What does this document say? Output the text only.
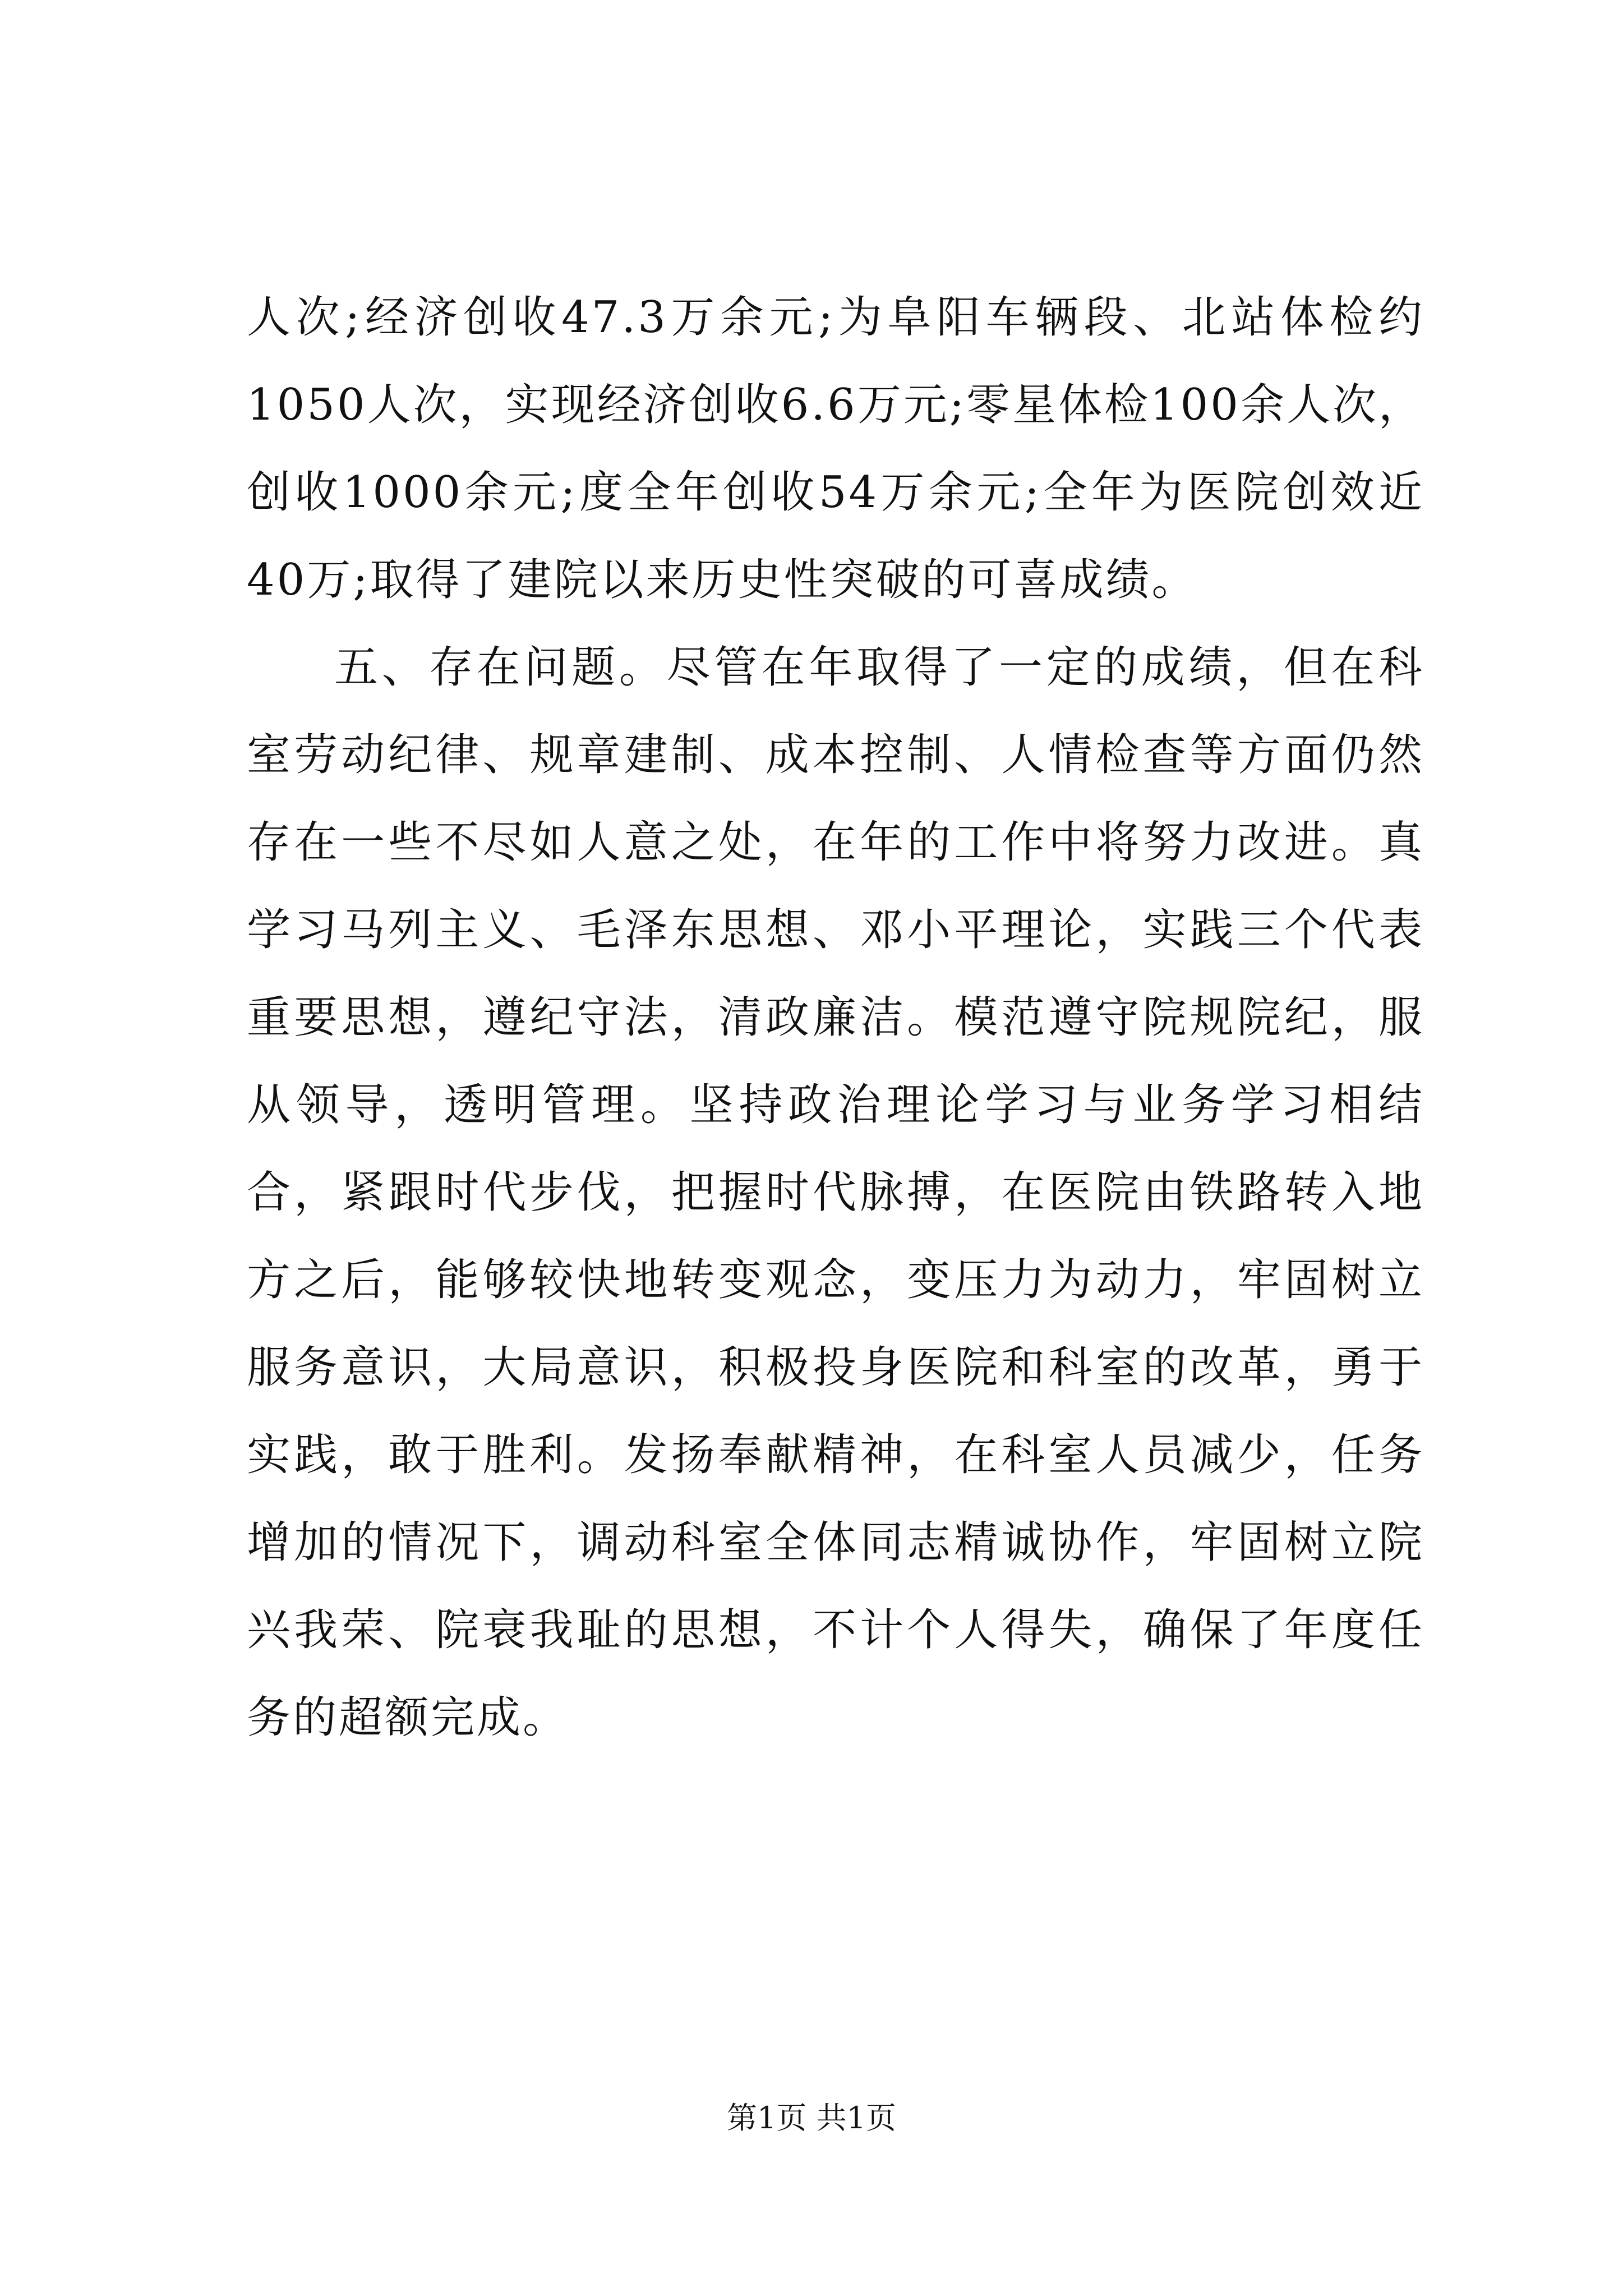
人次;经济创收47.3万余元;为阜阳车辆段、北站体检约1050人次，实现经济创收6.6万元;零星体检100余人次，创收1000余元;度全年创收54万余元;全年为医院创效近40万;取得了建院以来历史性突破的可喜成绩。

五、存在问题。尽管在年取得了一定的成绩，但在科室劳动纪律、规章建制、成本控制、人情检查等方面仍然存在一些不尽如人意之处，在年的工作中将努力改进。真学习马列主义、毛泽东思想、邓小平理论，实践三个代表重要思想，遵纪守法，清政廉洁。模范遵守院规院纪，服从领导，透明管理。坚持政治理论学习与业务学习相结合，紧跟时代步伐，把握时代脉搏，在医院由铁路转入地方之后，能够较快地转变观念，变压力为动力，牢固树立服务意识，大局意识，积极投身医院和科室的改革，勇于实践，敢于胜利。发扬奉献精神，在科室人员减少，任务增加的情况下，调动科室全体同志精诚协作，牢固树立院兴我荣、院衰我耻的思想，不计个人得失，确保了年度任务的超额完成。

第1页 共1页
